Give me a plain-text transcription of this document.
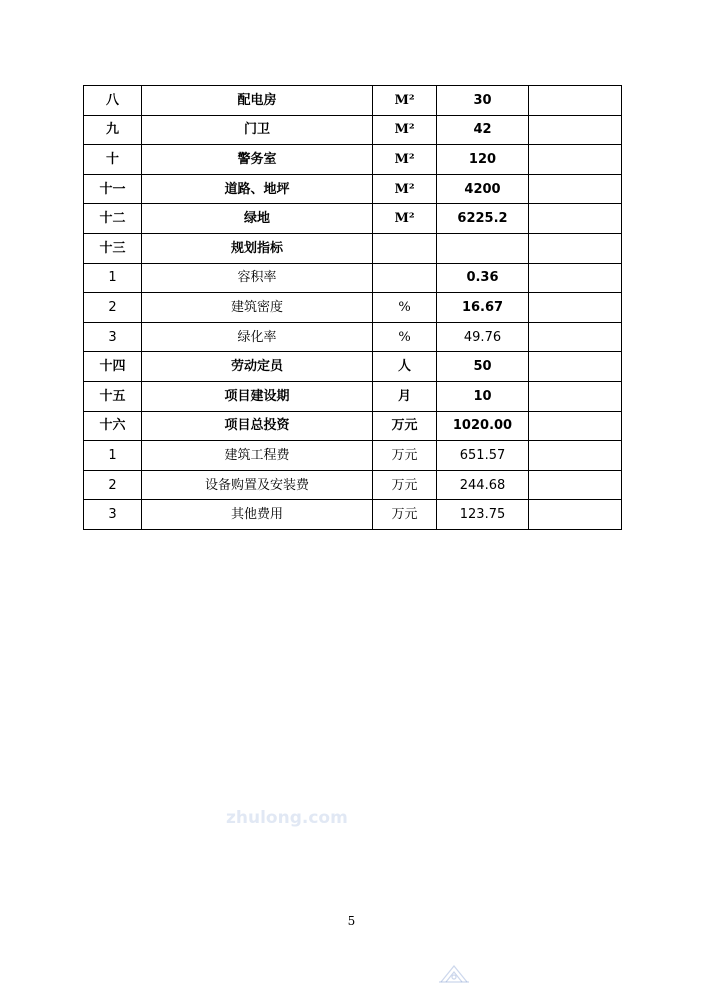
八	配电房	M²	30	
九	门卫	M²	42	
十	警务室	M²	120	
十一	道路、地坪	M²	4200	
十二	绿地	M²	6225.2	
十三	规划指标			
1	容积率		0.36	
2	建筑密度	%	16.67	
3	绿化率	%	49.76	
十四	劳动定员	人	50	
十五	项目建设期	月	10	
十六	项目总投资	万元	1020.00	
1	建筑工程费	万元	651.57	
2	设备购置及安装费	万元	244.68	
3	其他费用	万元	123.75	
zhulong.com
5
